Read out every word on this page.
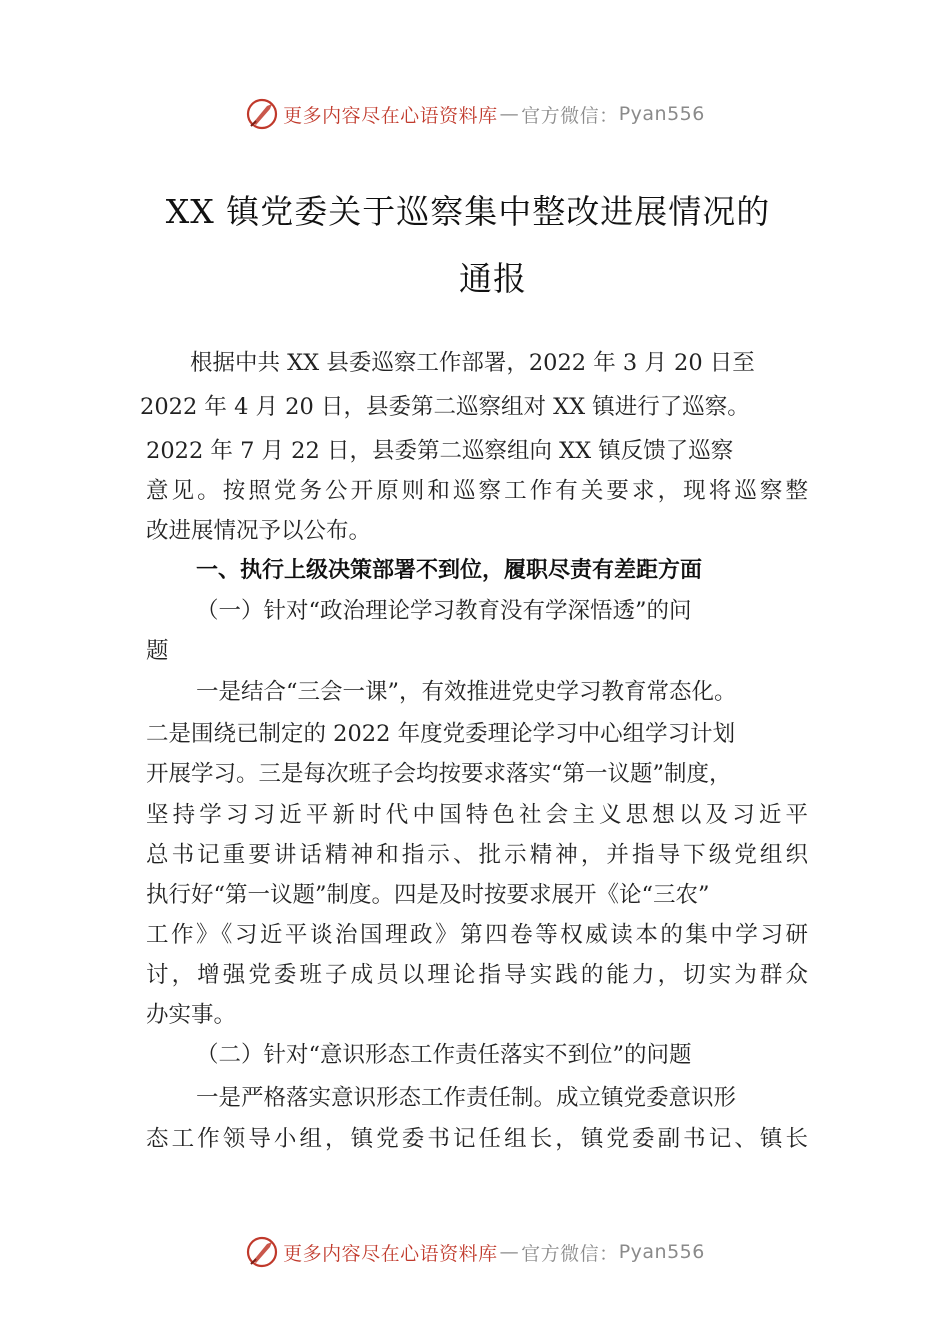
更多内容尽在心语资料库 — 官方微信： Pyan556
XX 镇党委关于巡察集中整改进展情况的
通报

根据中共 XX 县委巡察工作部署，2022 年 3 月 20 日至

2022 年 4 月 20 日，县委第二巡察组对 XX 镇进行了巡察。

2022 年 7 月 22 日，县委第二巡察组向 XX 镇反馈了巡察

意见。按照党务公开原则和巡察工作有关要求，现将巡察整

改进展情况予以公布。

一、执行上级决策部署不到位，履职尽责有差距方面

（一）针对“政治理论学习教育没有学深悟透”的问

题

一是结合“三会一课”，有效推进党史学习教育常态化。

二是围绕已制定的 2022 年度党委理论学习中心组学习计划

开展学习。三是每次班子会均按要求落实“第一议题”制度，

坚持学习习近平新时代中国特色社会主义思想以及习近平

总书记重要讲话精神和指示、批示精神，并指导下级党组织

执行好“第一议题”制度。四是及时按要求展开《论“三农”

工作》《习近平谈治国理政》第四卷等权威读本的集中学习研

讨，增强党委班子成员以理论指导实践的能力，切实为群众

办实事。

（二）针对“意识形态工作责任落实不到位”的问题

一是严格落实意识形态工作责任制。成立镇党委意识形

态工作领导小组，镇党委书记任组长，镇党委副书记、镇长

更多内容尽在心语资料库 — 官方微信： Pyan556
